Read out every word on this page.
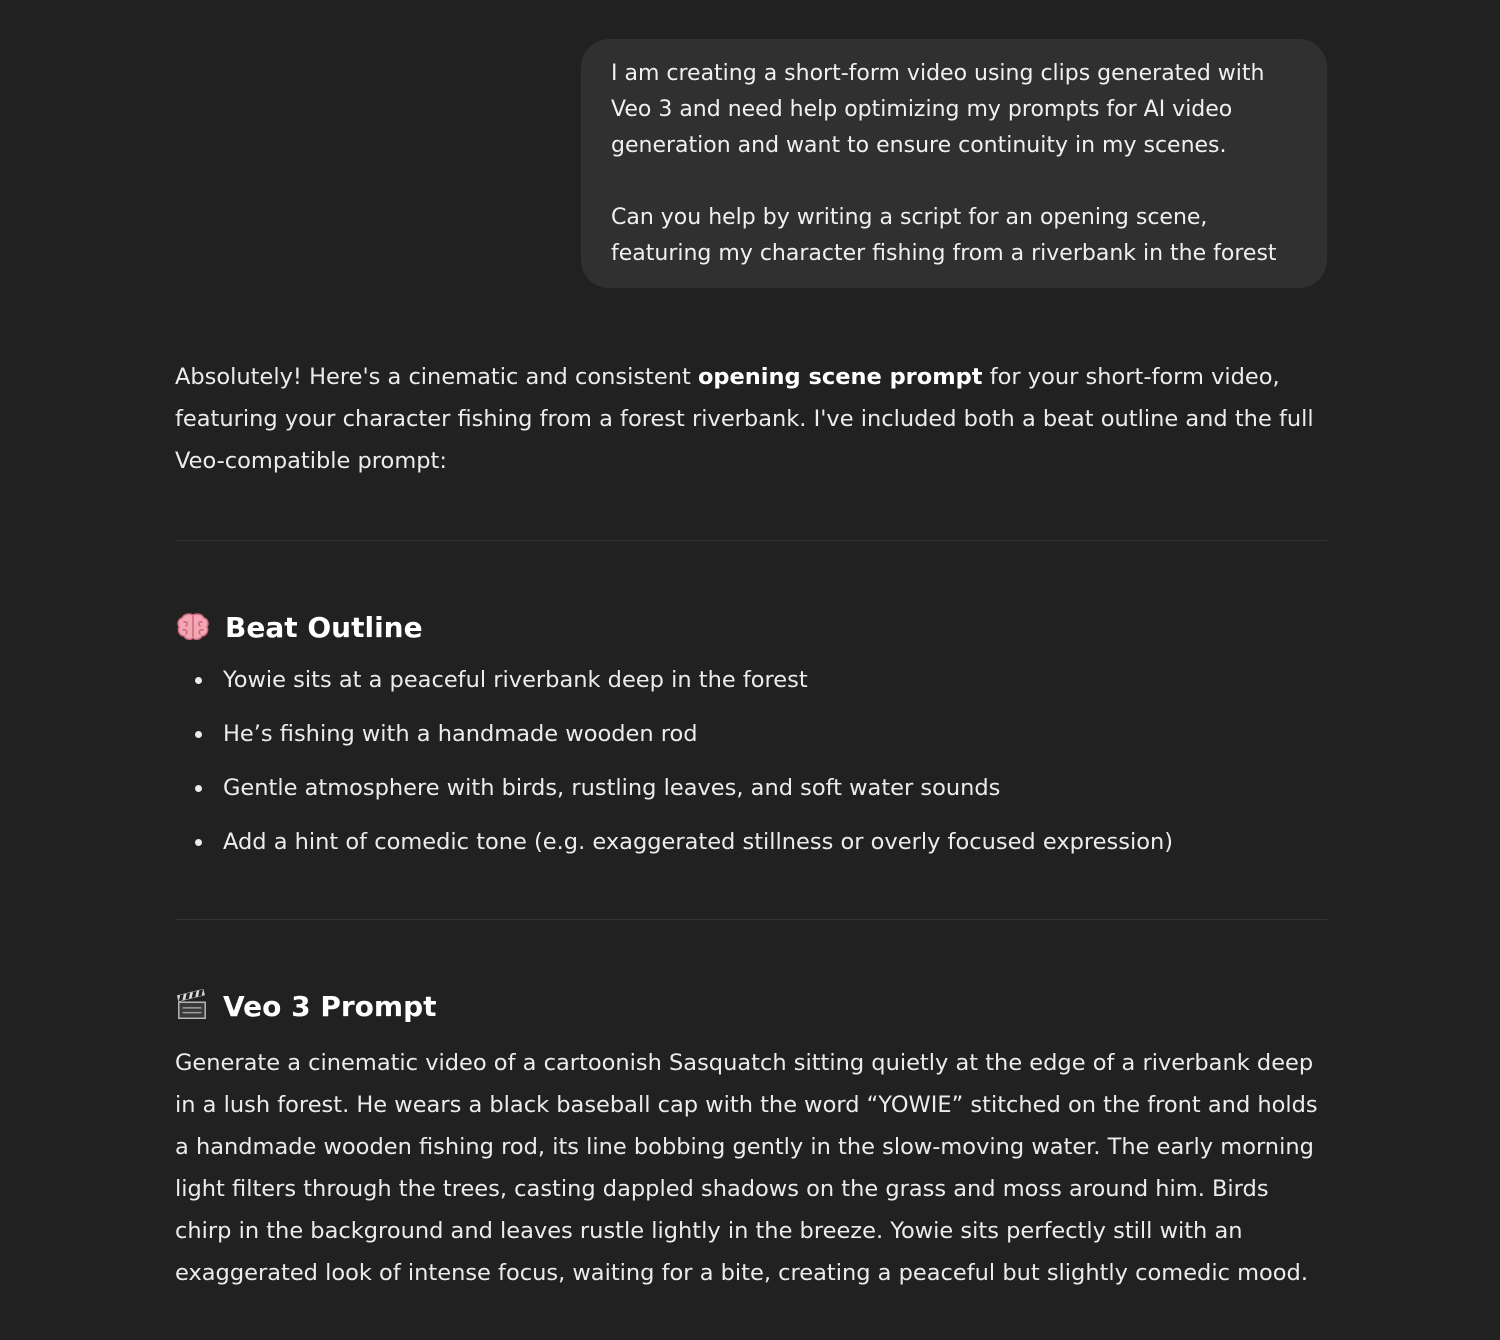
I am creating a short-form video using clips generated with Veo 3 and need help optimizing my prompts for AI video generation and want to ensure continuity in my scenes.

Can you help by writing a script for an opening scene, featuring my character fishing from a riverbank in the forest

Absolutely! Here's a cinematic and consistent opening scene prompt for your short-form video, featuring your character fishing from a forest riverbank. I've included both a beat outline and the full Veo-compatible prompt:

Beat Outline
Yowie sits at a peaceful riverbank deep in the forest
He’s fishing with a handmade wooden rod
Gentle atmosphere with birds, rustling leaves, and soft water sounds
Add a hint of comedic tone (e.g. exaggerated stillness or overly focused expression)
Veo 3 Prompt

Generate a cinematic video of a cartoonish Sasquatch sitting quietly at the edge of a riverbank deep in a lush forest. He wears a black baseball cap with the word “YOWIE” stitched on the front and holds a handmade wooden fishing rod, its line bobbing gently in the slow-moving water. The early morning light filters through the trees, casting dappled shadows on the grass and moss around him. Birds chirp in the background and leaves rustle lightly in the breeze. Yowie sits perfectly still with an exaggerated look of intense focus, waiting for a bite, creating a peaceful but slightly comedic mood.
